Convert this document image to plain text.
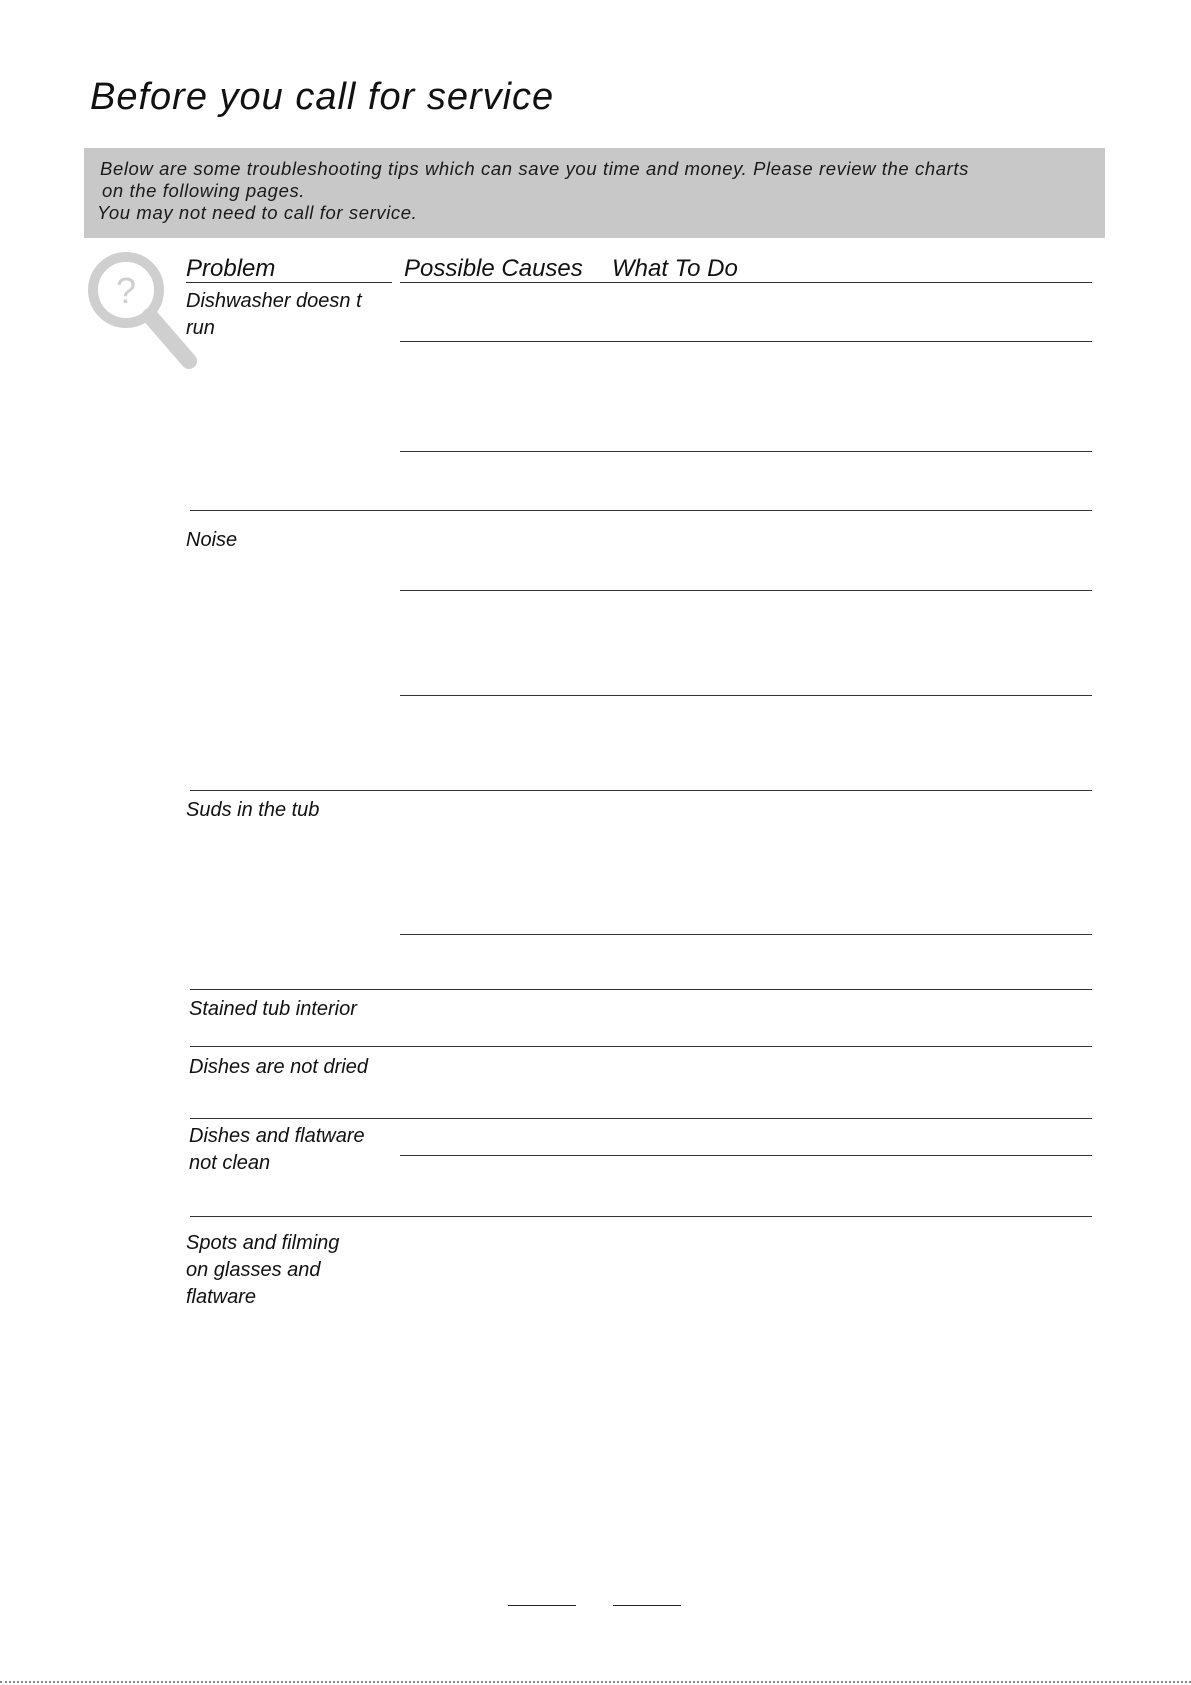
Before you call for service
Below are some troubleshooting tips which can save you time and money. Please review the charts
on the following pages.
You may not need to call for service.
?
Problem	Possible Causes What To Do
Dishwasher doesn t
run
Noise
Suds in the tub
Stained tub interior
Dishes are not dried
Dishes and flatware
not clean
Spots and filming
on glasses and
flatware
